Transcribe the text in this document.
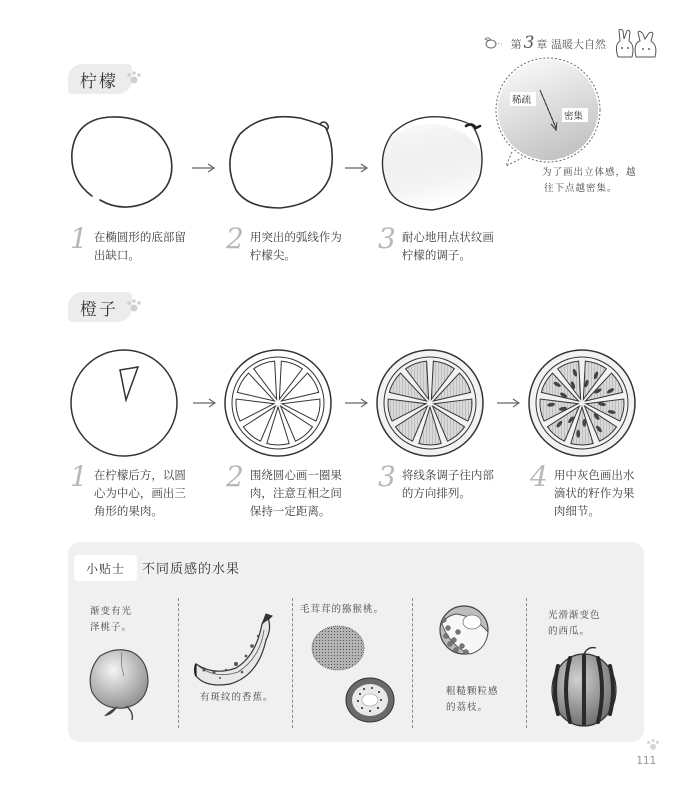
第 3 章 温暖大自然
柠檬
稀疏
密集
为了画出立体感，越
往下点越密集。
1 在椭圆形的底部留
出缺口。	2 用突出的弧线作为
柠檬尖。	3 耐心地用点状纹画
柠檬的调子。
橙子
1 在柠檬后方，以圆
心为中心，画出三
角形的果肉。
2 围绕圆心画一圈果
肉，注意互相之间
保持一定距离。
3 将线条调子往内部
的方向排列。	4 用中灰色画出水
滴状的籽作为果
肉细节。
小贴士 不同质感的水果
渐变有光
泽桃子。
有斑纹的香蕉。
毛茸茸的猕猴桃。
粗糙颗粒感
的荔枝。
光滑渐变色
的西瓜。
111
